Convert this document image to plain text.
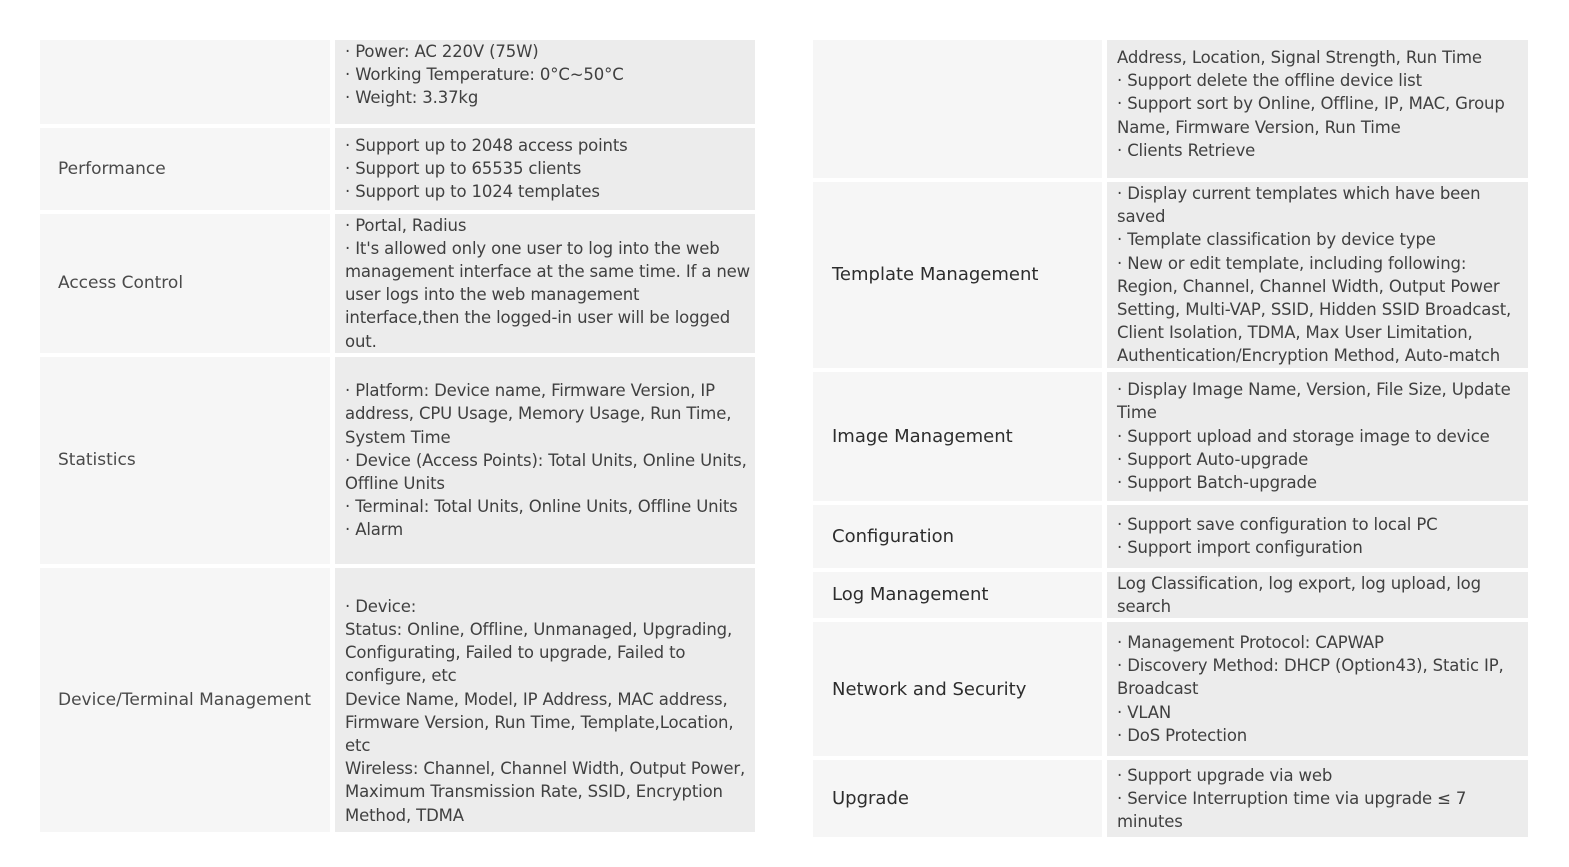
	· Power: AC 220V (75W)
· Working Temperature: 0°C~50°C
· Weight: 3.37kg

Performance	· Support up to 2048 access points
· Support up to 65535 clients
· Support up to 1024 templates

Access Control	· Portal, Radius
· It's allowed only one user to log into the web management interface at the same time. If a new user logs into the web management interface,then the logged-in user will be logged out.

Statistics	· Platform: Device name, Firmware Version, IP address, CPU Usage, Memory Usage, Run Time, System Time
· Device (Access Points): Total Units, Online Units, Offline Units
· Terminal: Total Units, Online Units, Offline Units
· Alarm

Device/Terminal Management	· Device:
Status: Online, Offline, Unmanaged, Upgrading, Configurating, Failed to upgrade, Failed to configure, etc
Device Name, Model, IP Address, MAC address, Firmware Version, Run Time, Template,Location, etc
Wireless: Channel, Channel Width, Output Power, Maximum Transmission Rate, SSID, Encryption Method, TDMA

	Address, Location, Signal Strength, Run Time
· Support delete the offline device list
· Support sort by Online, Offline, IP, MAC, Group Name, Firmware Version, Run Time
· Clients Retrieve

Template Management	· Display current templates which have been saved
· Template classification by device type
· New or edit template, including following: Region, Channel, Channel Width, Output Power Setting, Multi-VAP, SSID, Hidden SSID Broadcast, Client Isolation, TDMA, Max User Limitation, Authentication/Encryption Method, Auto-match

Image Management	· Display Image Name, Version, File Size, Update Time
· Support upload and storage image to device
· Support Auto-upgrade
· Support Batch-upgrade

Configuration	· Support save configuration to local PC
· Support import configuration

Log Management	Log Classification, log export, log upload, log search

Network and Security	· Management Protocol: CAPWAP
· Discovery Method: DHCP (Option43), Static IP, Broadcast
· VLAN
· DoS Protection

Upgrade	· Support upgrade via web
· Service Interruption time via upgrade ≤ 7 minutes
